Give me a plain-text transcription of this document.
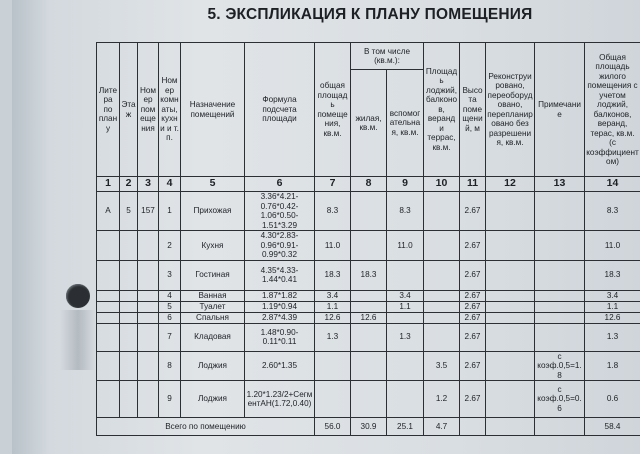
5. ЭКСПЛИКАЦИЯ К ПЛАНУ ПОМЕЩЕНИЯ
Литера по плану	Этаж	Номер помещения	Номер комнаты, кухни и т. п.	Назначение помещений	Формула подсчета площади	общая площадь помещения, кв.м.	В том числе (кв.м.):		Площадь лоджий, балконов, веранд и террас, кв.м.	Высота помещений, м	Реконструировано, переоборудовано, перепланировано без разрешения, кв.м.	Примечание	Общая площадь жилого помещения с учетом лоджий, балконов, веранд, терас, кв.м. (с коэффициентом)
							жилая, кв.м.	вспомогательная, кв.м.					
1	2	3	4	5	6	7	8	9	10	11	12	13	14
А	5	157	1	Прихожая	3.36*4.21-0.76*0.42-1.06*0.50-1.51*3.29	8.3		8.3		2.67			8.3
			2	Кухня	4.30*2.83-0.96*0.91-0.99*0.32	11.0		11.0		2.67			11.0
			3	Гостиная	4.35*4.33-1.44*0.41	18.3	18.3			2.67			18.3
			4	Ванная	1.87*1.82	3.4		3.4		2.67			3.4
			5	Туалет	1.19*0.94	1.1		1.1		2.67			1.1
			6	Спальня	2.87*4.39	12.6	12.6			2.67			12.6
			7	Кладовая	1.48*0.90-0.11*0.11	1.3		1.3		2.67			1.3
			8	Лоджия	2.60*1.35				3.5	2.67		с коэф.0,5=1.8	1.8
			9	Лоджия	1.20*1.23/2+СегментАН(1.72,0.40)				1.2	2.67		с коэф.0,5=0.6	0.6
Всего по помещению						56.0	30.9	25.1	4.7				58.4
